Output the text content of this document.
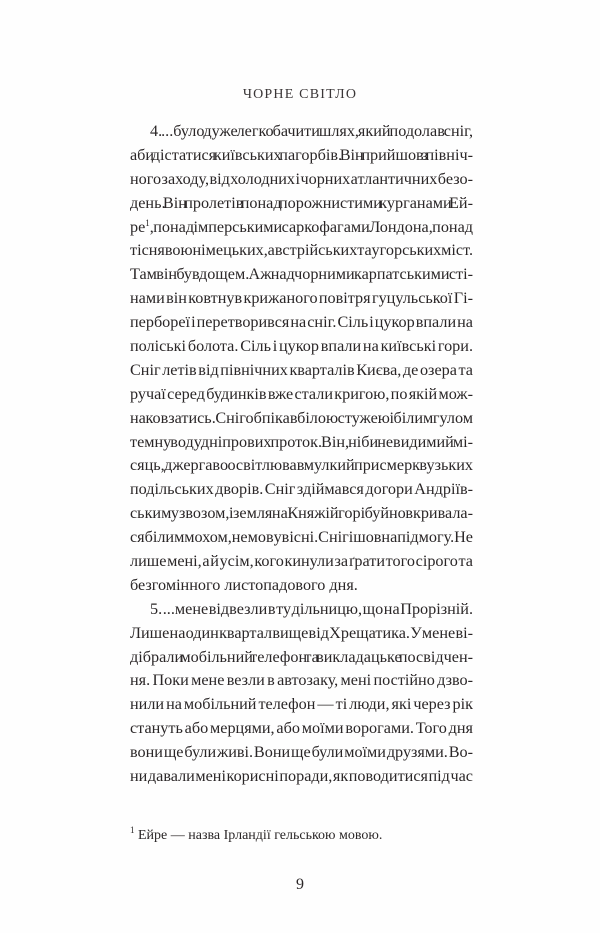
ЧОРНЕ СВІТЛО
4. ...було дуже легко бачити шлях, який подолав сніг,
аби дістатися київських пагорбів. Він прийшов з північ-
ного заходу, від холодних і чорних атлантичних безо-
день. Він пролетів понад порожнистими курганами Ей-
$ре^1$, понад імперськими саркофагами Лондона, понад
тіснявою німецьких, австрійських та угорських міст.
Там він був дощем. Аж над чорними карпатськими сті-
нами він ковтнув крижаного повітря гуцульської Гі-
пербореї і перетворився на сніг. Сіль і цукор впали на
поліські болота. Сіль і цукор впали на київські гори.
Сніг летів від північних кварталів Києва, де озера та
ручаї серед будинків вже стали кригою, по якій мож-
на ковзатись. Сніг обпікав білою стужею і білим гулом
темну воду дніпрових проток. Він, ніби невидимий мі-
сяць, джергаво освітлював мулкий присмерк вузьких
подільських дворів. Сніг здіймався догори Андріїв-
ським узвозом, і земля на Княжій горі буйно вкривала-
ся білим мохом, немов уві сні. Сніг ішов на підмогу. Не
лише мені, а й усім, кого кинули за ґрати того сірого та
безгомінного листопадового дня.
5. ...мене відвезли в ту дільницю, що на Прорізній.
Лише на один квартал вище від Хрещатика. У мене ві-
дібрали мобільний телефон та викладацьке посвідчен-
ня. Поки мене везли в автозаку, мені постійно дзво-
нили на мобільний телефон — ті люди, які через рік
стануть або мерцями, або моїми ворогами. Того дня
вони ще були живі. Вони ще були моїми друзями. Во-
ни давали мені корисні поради, як поводитися під час
$^1$ Ейре — назва Ірландії гельською мовою.
9
